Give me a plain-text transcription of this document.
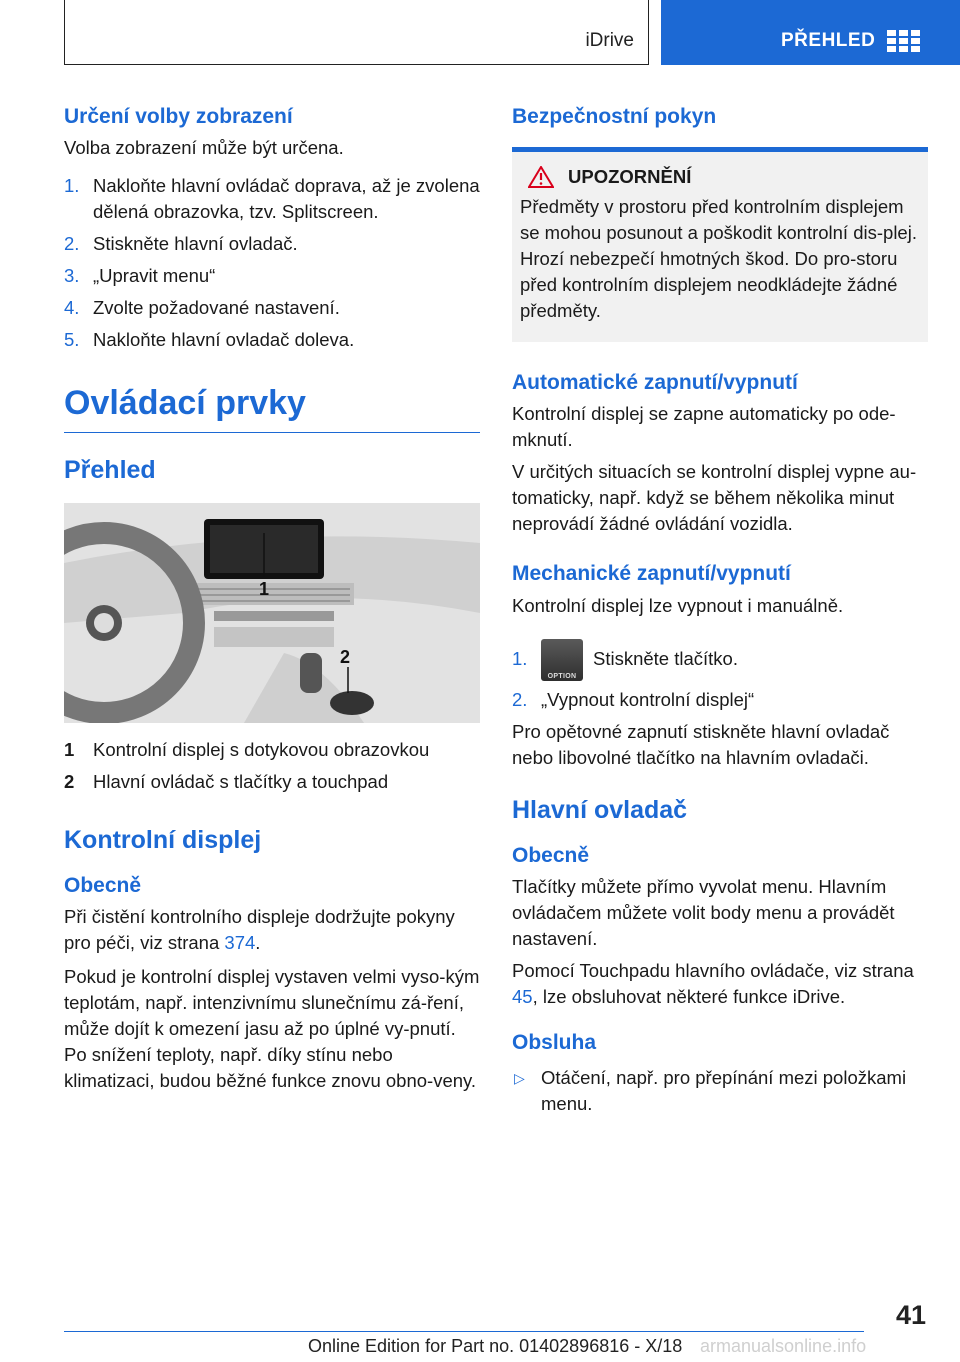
iDrive	PŘEHLED
Určení volby zobrazení

Volba zobrazení může být určena.

1. Nakloňte hlavní ovládač doprava, až je zvolena dělená obrazovka, tzv. Splitscreen.
2. Stiskněte hlavní ovladač.
3. „Upravit menu“
4. Zvolte požadované nastavení.
5. Nakloňte hlavní ovladač doleva.
Ovládací prvky
Přehled
1
2
1	Kontrolní displej s dotykovou obrazovkou
2	Hlavní ovládač s tlačítky a touchpad
Kontrolní displej
Obecně

Při čistění kontrolního displeje dodržujte pokyny pro péči, viz strana 374.

Pokud je kontrolní displej vystaven velmi vyso‐kým teplotám, např. intenzivnímu slunečnímu zá‐ření, může dojít k omezení jasu až po úplné vy‐pnutí. Po snížení teploty, např. díky stínu nebo klimatizaci, budou běžné funkce znovu obno‐veny.

Bezpečnostní pokyn
UPOZORNĚNÍ

Předměty v prostoru před kontrolním displejem se mohou posunout a poškodit kontrolní dis‐plej. Hrozí nebezpečí hmotných škod. Do pro‐storu před kontrolním displejem neodkládejte žádné předměty.

Automatické zapnutí/vypnutí

Kontrolní displej se zapne automaticky po ode‐mknutí.

V určitých situacích se kontrolní displej vypne au‐tomaticky, např. když se během několika minut neprovádí žádné ovládání vozidla.

Mechanické zapnutí/vypnutí

Kontrolní displej lze vypnout i manuálně.

1.
OPTION
Stiskněte tlačítko.
2. „Vypnout kontrolní displej“

Pro opětovné zapnutí stiskněte hlavní ovladač nebo libovolné tlačítko na hlavním ovladači.

Hlavní ovladač
Obecně

Tlačítky můžete přímo vyvolat menu. Hlavním ovládačem můžete volit body menu a provádět nastavení.

Pomocí Touchpadu hlavního ovládače, viz strana 45, lze obsluhovat některé funkce iDrive.

Obsluha
▷ Otáčení, např. pro přepínání mezi položkami menu.
41
Online Edition for Part no. 01402896816 - X/18 armanualsonline.info
